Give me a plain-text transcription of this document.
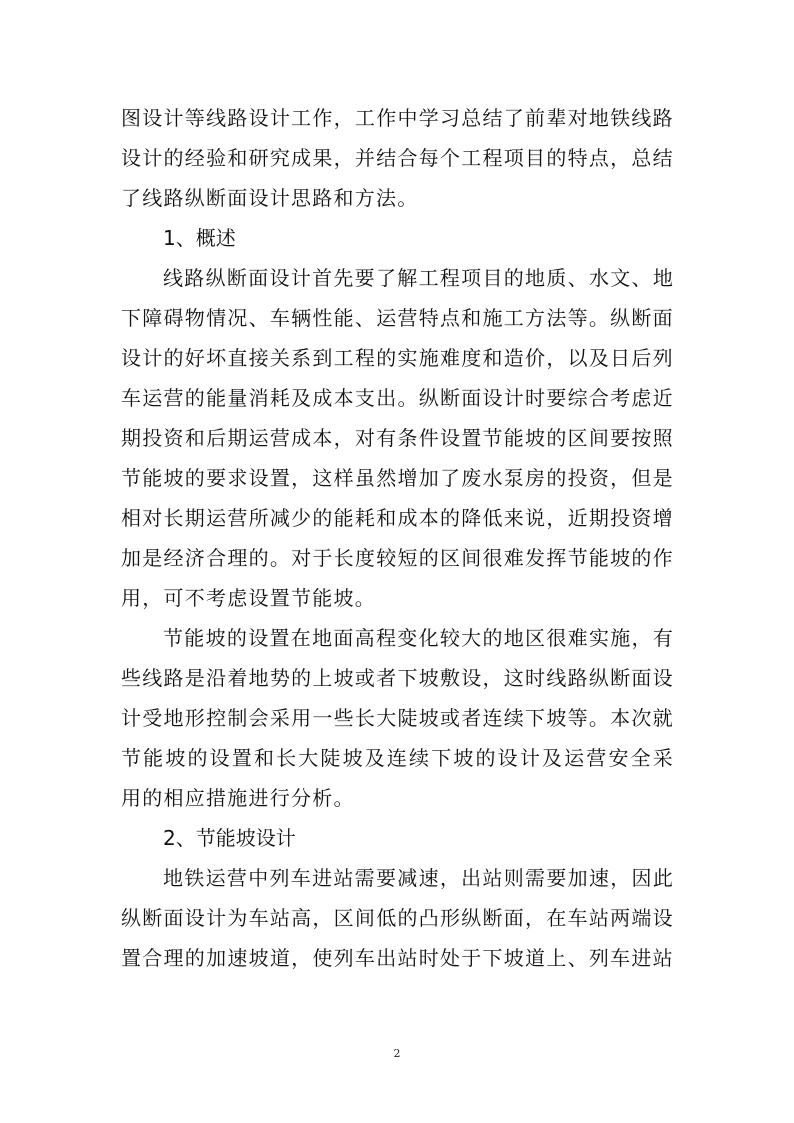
图 设 计 等 线 路 设 计 工 作 ， 工 作 中 学 习 总 结 了 前 辈 对 地 铁 线 路
设 计 的 经 验 和 研 究 成 果 ， 并 结 合 每 个 工 程 项 目 的 特 点 ， 总 结
了线路纵断面设计思路和方法。
1、概述
线 路 纵 断 面 设 计 首 先 要 了 解 工 程 项 目 的 地 质 、 水 文 、 地
下 障 碍 物 情 况 、 车 辆 性 能 、 运 营 特 点 和 施 工 方 法 等 。 纵 断 面
设 计 的 好 坏 直 接 关 系 到 工 程 的 实 施 难 度 和 造 价 ， 以 及 日 后 列
车 运 营 的 能 量 消 耗 及 成 本 支 出 。 纵 断 面 设 计 时 要 综 合 考 虑 近
期 投 资 和 后 期 运 营 成 本 ， 对 有 条 件 设 置 节 能 坡 的 区 间 要 按 照
节 能 坡 的 要 求 设 置 ， 这 样 虽 然 增 加 了 废 水 泵 房 的 投 资 ， 但 是
相 对 长 期 运 营 所 减 少 的 能 耗 和 成 本 的 降 低 来 说 ， 近 期 投 资 增
加 是 经 济 合 理 的 。 对 于 长 度 较 短 的 区 间 很 难 发 挥 节 能 坡 的 作
用，可不考虑设置节能坡。
节 能 坡 的 设 置 在 地 面 高 程 变 化 较 大 的 地 区 很 难 实 施 ， 有
些 线 路 是 沿 着 地 势 的 上 坡 或 者 下 坡 敷 设 ， 这 时 线 路 纵 断 面 设
计 受 地 形 控 制 会 采 用 一 些 长 大 陡 坡 或 者 连 续 下 坡 等 。 本 次 就
节 能 坡 的 设 置 和 长 大 陡 坡 及 连 续 下 坡 的 设 计 及 运 营 安 全 采
用的相应措施进行分析。
2、节能坡设计
地 铁 运 营 中 列 车 进 站 需 要 减 速 ， 出 站 则 需 要 加 速 ， 因 此
纵 断 面 设 计 为 车 站 高 ， 区 间 低 的 凸 形 纵 断 面 ， 在 车 站 两 端 设
置 合 理 的 加 速 坡 道 ， 使 列 车 出 站 时 处 于 下 坡 道 上 、 列 车 进 站
2
